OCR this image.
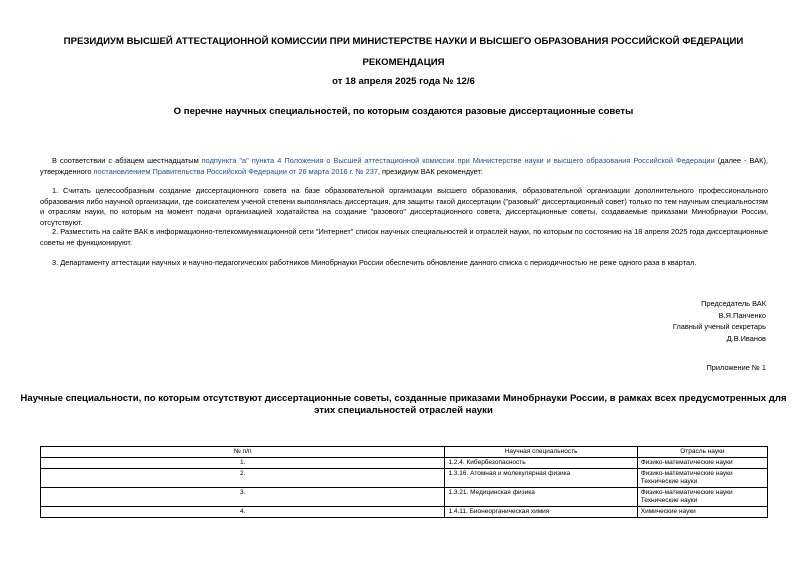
ПРЕЗИДИУМ ВЫСШЕЙ АТТЕСТАЦИОННОЙ КОМИССИИ ПРИ МИНИСТЕРСТВЕ НАУКИ И ВЫСШЕГО ОБРАЗОВАНИЯ РОССИЙСКОЙ ФЕДЕРАЦИИ
РЕКОМЕНДАЦИЯ
от 18 апреля 2025 года № 12/6
О перечне научных специальностей, по которым создаются разовые диссертационные советы

В соответствии с абзацем шестнадцатым подпункта "а" пункта 4 Положения о Высшей аттестационной комиссии при Министерстве науки и высшего образования Российской Федерации (далее - ВАК), утвержденного постановлением Правительства Российской Федерации от 26 марта 2016 г. № 237, президиум ВАК рекомендует:

1. Считать целесообразным создание диссертационного совета на базе образовательной организации высшего образования, образовательной организации дополнительного профессионального образования либо научной организации, где соискателем ученой степени выполнялась диссертация, для защиты такой диссертации ("разовый" диссертационный совет) только по тем научным специальностям и отраслям науки, по которым на момент подачи организацией ходатайства на создание "разового" диссертационного совета, диссертационные советы, создаваемые приказами Минобрнауки России, отсутствуют.

2. Разместить на сайте ВАК в информационно-телекоммуникационной сети "Интернет" список научных специальностей и отраслей науки, по которым по состоянию на 18 апреля 2025 года диссертационные советы не функционируют.

3. Департаменту аттестации научных и научно-педагогических работников Минобрнауки России обеспечить обновление данного списка с периодичностью не реже одного раза в квартал.

Председатель ВАК
В.Я.Панченко
Главный ученый секретарь
Д.В.Иванов
Приложение № 1
Научные специальности, по которым отсутствуют диссертационные советы, созданные приказами Минобрнауки России, в рамках всех предусмотренных для этих специальностей отраслей науки
№ п/п	Научная специальность	Отрасль науки
1.	1.2.4. Кибербезопасность	Физико-математические науки

2.	1.3.16. Атомная и молекулярная физика	Физико-математические науки
Технические науки

3.	1.3.21. Медицинская физика	Физико-математические науки
Технические науки

4.	1.4.11. Бионеорганическая химия	Химические науки
